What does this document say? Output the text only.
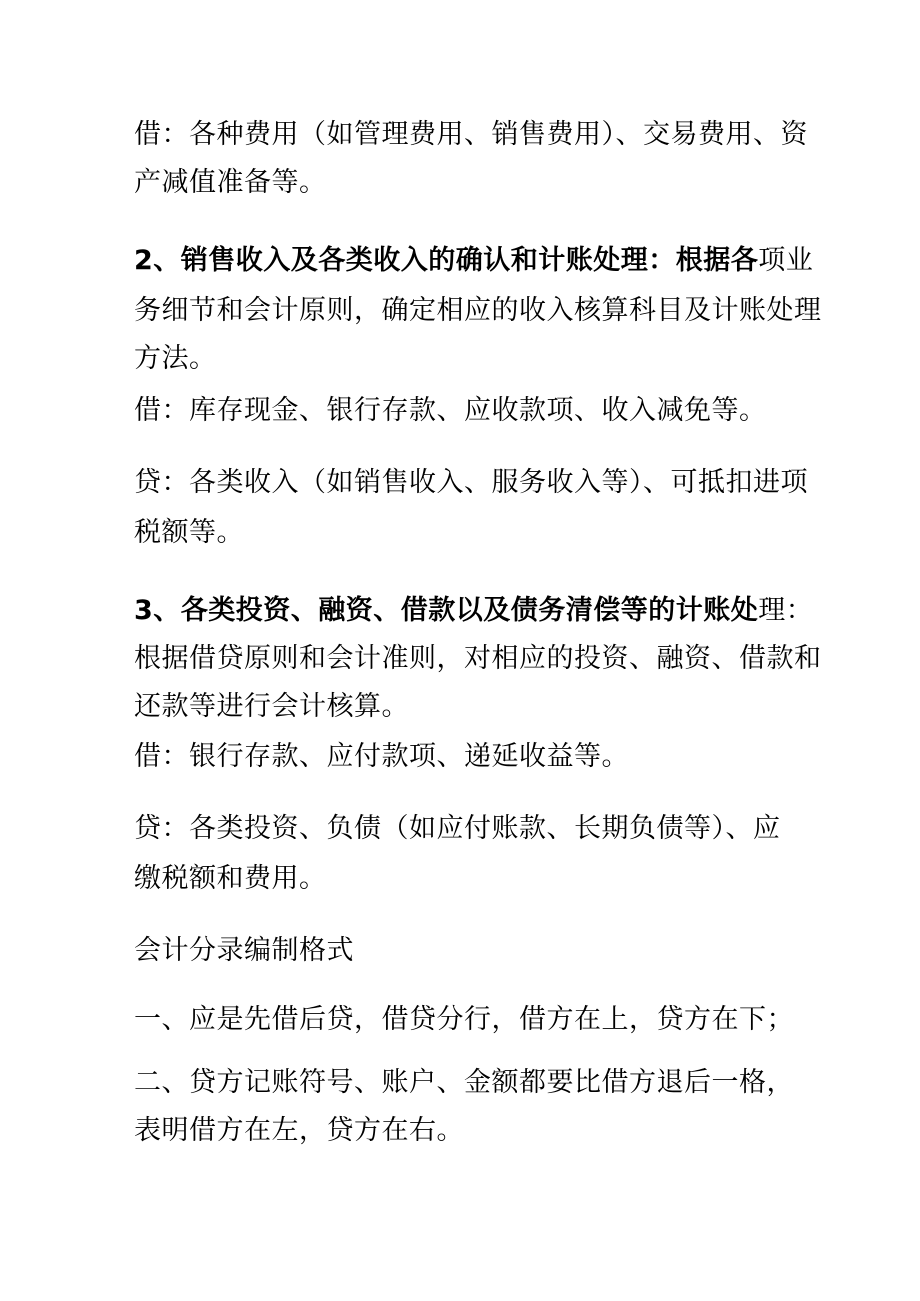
借：各种费用（如管理费用、销售费用）、交易费用、资
产减值准备等。
2、销售收入及各类收入的确认和计账处理：根据各项业
务细节和会计原则，确定相应的收入核算科目及计账处理
方法。
借：库存现金、银行存款、应收款项、收入减免等。
贷：各类收入（如销售收入、服务收入等）、可抵扣进项
税额等。
3、各类投资、融资、借款以及债务清偿等的计账处理：
根据借贷原则和会计准则，对相应的投资、融资、借款和
还款等进行会计核算。
借：银行存款、应付款项、递延收益等。
贷：各类投资、负债（如应付账款、长期负债等）、应
缴税额和费用。
会计分录编制格式
一、应是先借后贷，借贷分行，借方在上，贷方在下；
二、贷方记账符号、账户、金额都要比借方退后一格，
表明借方在左，贷方在右。
